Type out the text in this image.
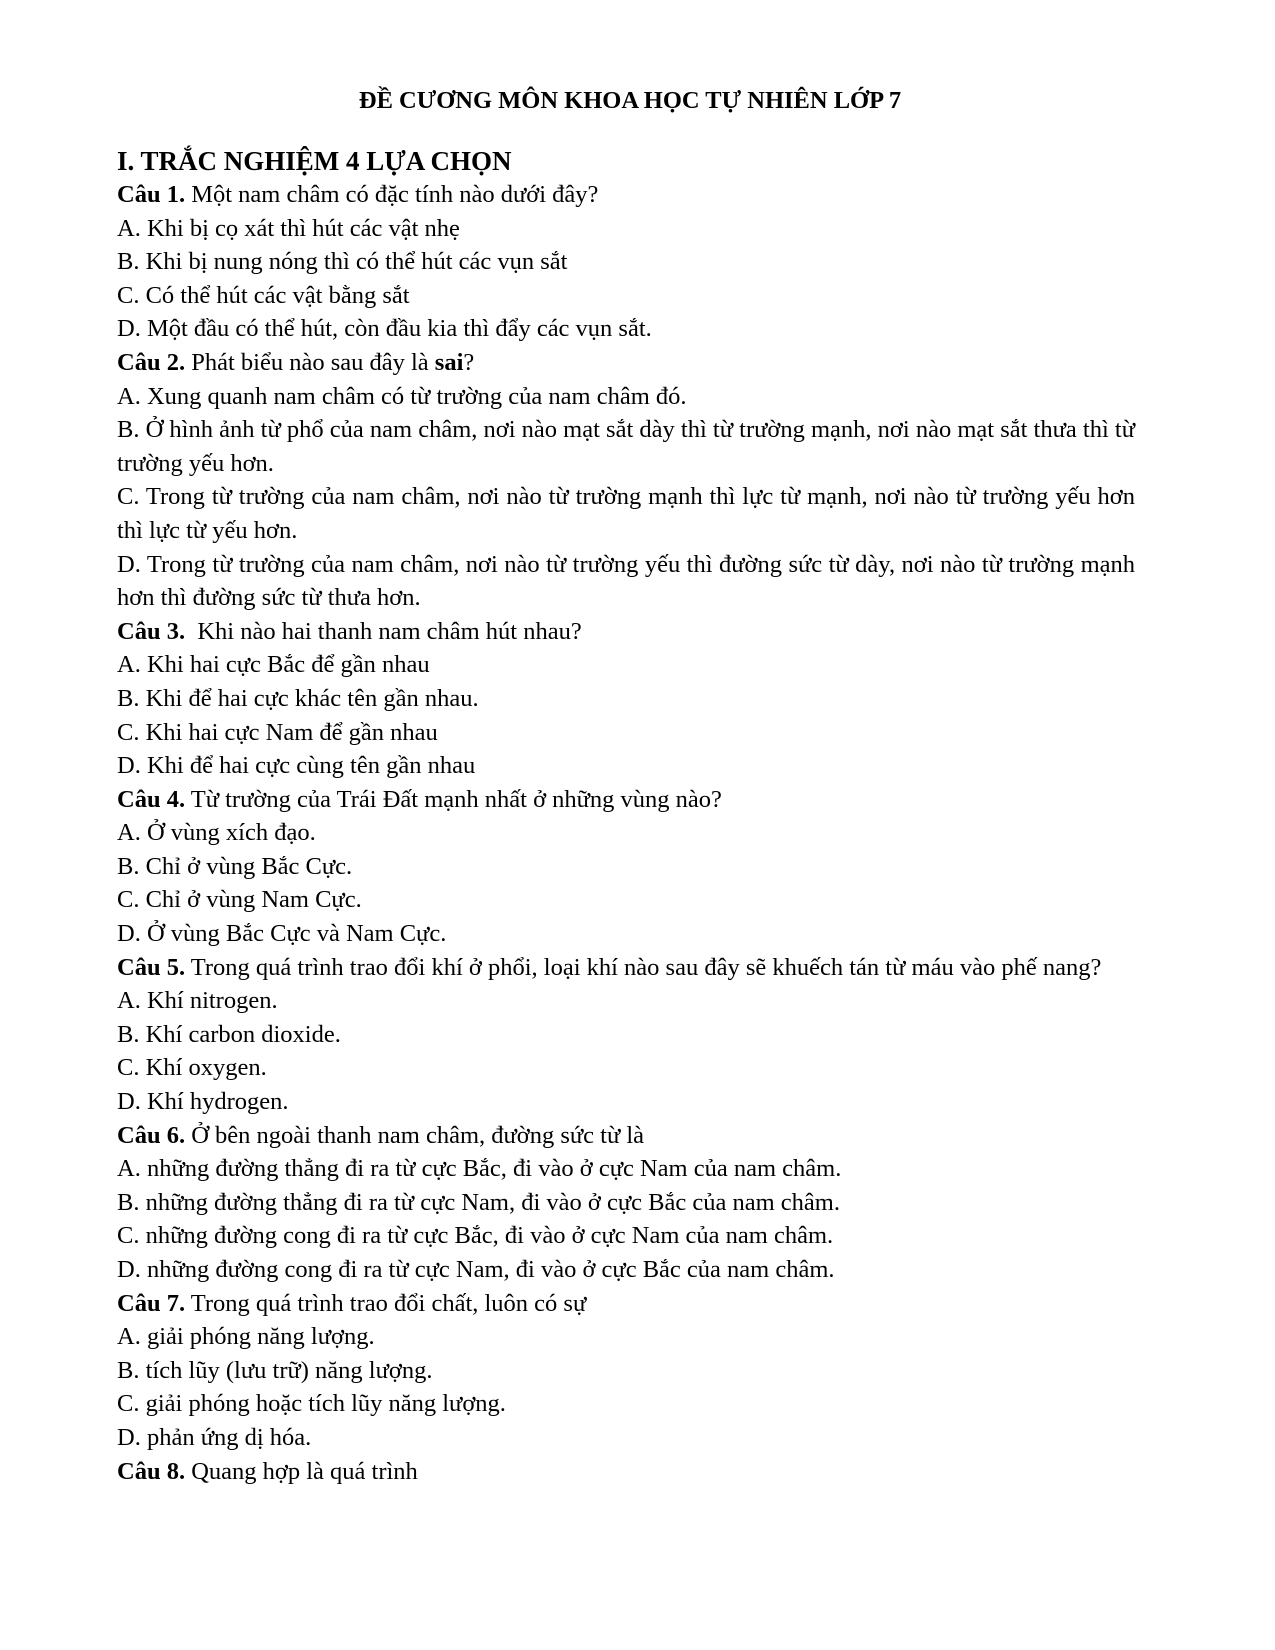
ĐỀ CƯƠNG MÔN KHOA HỌC TỰ NHIÊN LỚP 7

I. TRẮC NGHIỆM 4 LỰA CHỌN

Câu 1. Một nam châm có đặc tính nào dưới đây?

A. Khi bị cọ xát thì hút các vật nhẹ

B. Khi bị nung nóng thì có thể hút các vụn sắt

C. Có thể hút các vật bằng sắt

D. Một đầu có thể hút, còn đầu kia thì đẩy các vụn sắt.

Câu 2. Phát biểu nào sau đây là sai?

A. Xung quanh nam châm có từ trường của nam châm đó.

B. Ở hình ảnh từ phổ của nam châm, nơi nào mạt sắt dày thì từ trường mạnh, nơi nào mạt sắt thưa thì từ trường yếu hơn.

C. Trong từ trường của nam châm, nơi nào từ trường mạnh thì lực từ mạnh, nơi nào từ trường yếu hơn thì lực từ yếu hơn.

D. Trong từ trường của nam châm, nơi nào từ trường yếu thì đường sức từ dày, nơi nào từ trường mạnh hơn thì đường sức từ thưa hơn.

Câu 3.  Khi nào hai thanh nam châm hút nhau?

A. Khi hai cực Bắc để gần nhau

B. Khi để hai cực khác tên gần nhau.

C. Khi hai cực Nam để gần nhau

D. Khi để hai cực cùng tên gần nhau

Câu 4. Từ trường của Trái Đất mạnh nhất ở những vùng nào?

A. Ở vùng xích đạo.

B. Chỉ ở vùng Bắc Cực.

C. Chỉ ở vùng Nam Cực.

D. Ở vùng Bắc Cực và Nam Cực.

Câu 5. Trong quá trình trao đổi khí ở phổi, loại khí nào sau đây sẽ khuếch tán từ máu vào phế nang?

A. Khí nitrogen.

B. Khí carbon dioxide.

C. Khí oxygen.

D. Khí hydrogen.

Câu 6. Ở bên ngoài thanh nam châm, đường sức từ là

A. những đường thẳng đi ra từ cực Bắc, đi vào ở cực Nam của nam châm.

B. những đường thẳng đi ra từ cực Nam, đi vào ở cực Bắc của nam châm.

C. những đường cong đi ra từ cực Bắc, đi vào ở cực Nam của nam châm.

D. những đường cong đi ra từ cực Nam, đi vào ở cực Bắc của nam châm.

Câu 7. Trong quá trình trao đổi chất, luôn có sự

A. giải phóng năng lượng.

B. tích lũy (lưu trữ) năng lượng.

C. giải phóng hoặc tích lũy năng lượng.

D. phản ứng dị hóa.

Câu 8. Quang hợp là quá trình
